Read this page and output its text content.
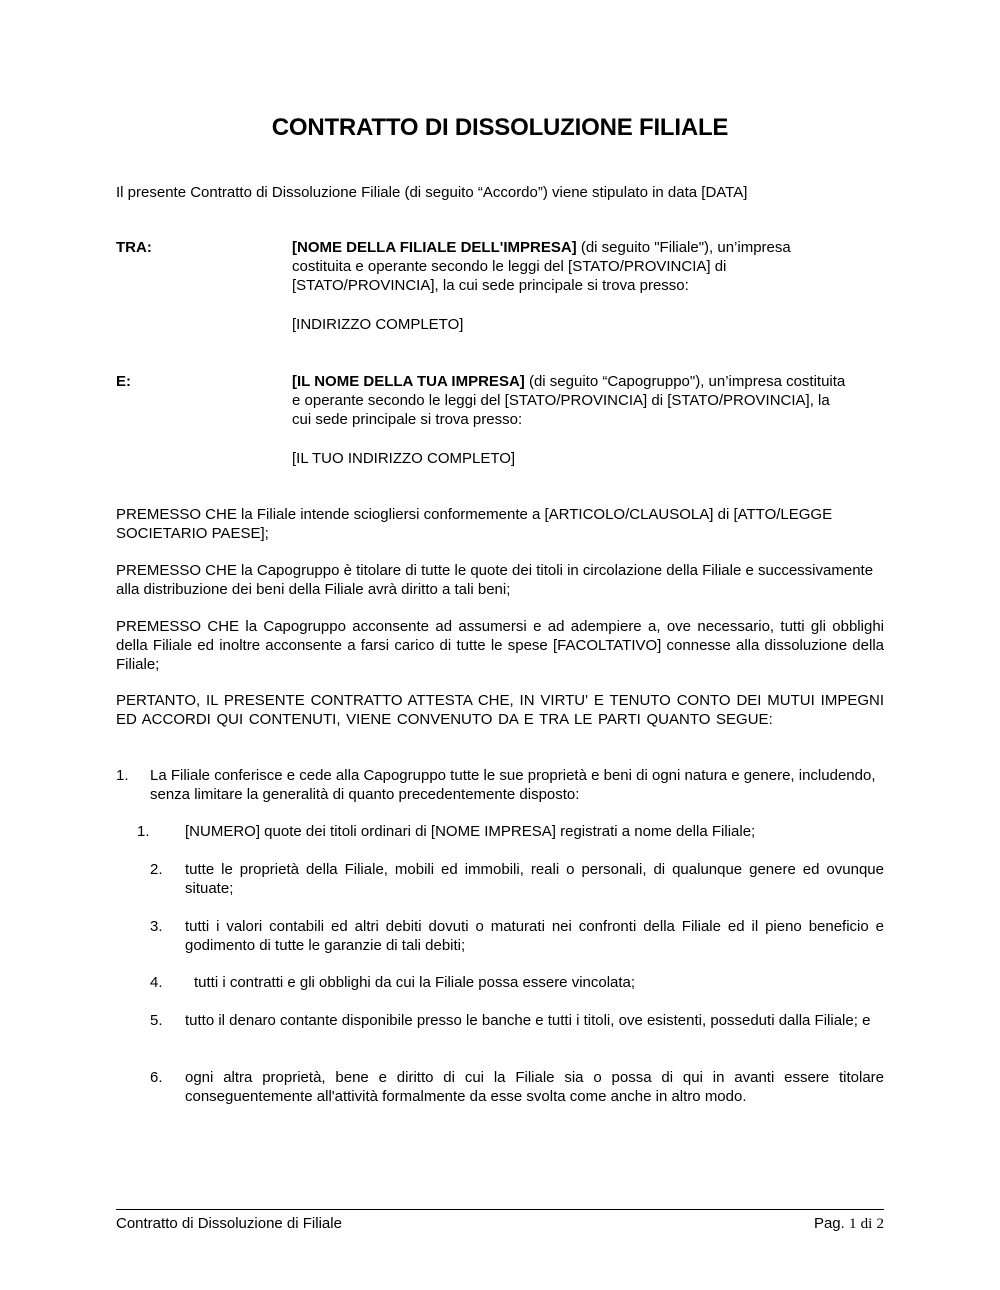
CONTRATTO DI DISSOLUZIONE FILIALE
Il presente Contratto di Dissoluzione Filiale (di seguito “Accordo”) viene stipulato in data [DATA]
TRA:	[NOME DELLA FILIALE DELL'IMPRESA] (di seguito "Filiale"), un’impresa costituita e operante secondo le leggi del [STATO/PROVINCIA] di [STATO/PROVINCIA], la cui sede principale si trova presso:
[INDIRIZZO COMPLETO]
E:	[IL NOME DELLA TUA IMPRESA] (di seguito “Capogruppo"), un’impresa costituita e operante secondo le leggi del [STATO/PROVINCIA] di [STATO/PROVINCIA], la cui sede principale si trova presso:
[IL TUO INDIRIZZO COMPLETO]
PREMESSO CHE la Filiale intende sciogliersi conformemente a [ARTICOLO/CLAUSOLA] di [ATTO/LEGGE SOCIETARIO PAESE];
PREMESSO CHE la Capogruppo è titolare di tutte le quote dei titoli in circolazione della Filiale e successivamente alla distribuzione dei beni della Filiale avrà diritto a tali beni;
PREMESSO CHE la Capogruppo acconsente ad assumersi e ad adempiere a, ove necessario, tutti gli obblighi della Filiale ed inoltre acconsente a farsi carico di tutte le spese [FACOLTATIVO] connesse alla dissoluzione della Filiale;
PERTANTO, IL PRESENTE CONTRATTO ATTESTA CHE, IN VIRTU' E TENUTO CONTO DEI MUTUI IMPEGNI ED ACCORDI QUI CONTENUTI, VIENE CONVENUTO DA E TRA LE PARTI QUANTO SEGUE:
1. La Filiale conferisce e cede alla Capogruppo tutte le sue proprietà e beni di ogni natura e genere, includendo, senza limitare la generalità di quanto precedentemente disposto:
1. [NUMERO] quote dei titoli ordinari di [NOME IMPRESA] registrati a nome della Filiale;
2. tutte le proprietà della Filiale, mobili ed immobili, reali o personali, di qualunque genere ed ovunque situate;
3. tutti i valori contabili ed altri debiti dovuti o maturati nei confronti della Filiale ed il pieno beneficio e godimento di tutte le garanzie di tali debiti;
4. tutti i contratti e gli obblighi da cui la Filiale possa essere vincolata;
5. tutto il denaro contante disponibile presso le banche e tutti i titoli, ove esistenti, posseduti dalla Filiale; e
6. ogni altra proprietà, bene e diritto di cui la Filiale sia o possa di qui in avanti essere titolare conseguentemente all'attività formalmente da esse svolta come anche in altro modo.
Contratto di Dissoluzione di Filiale	Pag. 1 di 2
